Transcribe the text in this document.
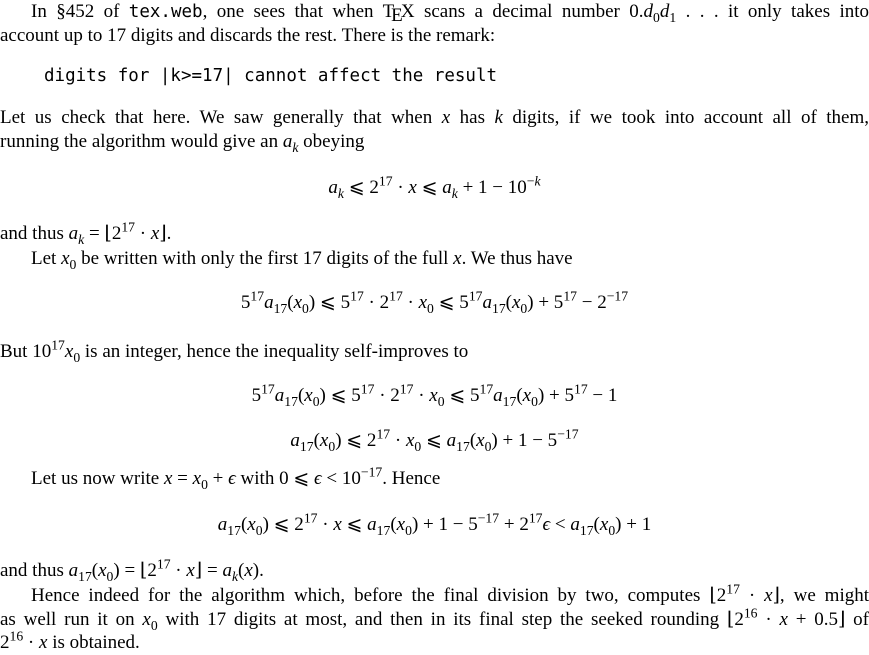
In §452 of tex.web, one sees that when TEX scans a decimal number $0.d_0d_1$ . . . it only takes into
account up to 17 digits and discards the rest. There is the remark:
digits for |k>=17| cannot affect the result
Let us check that here. We saw generally that when x has k digits, if we took into account all of them,
running the algorithm would give an $a_k$ obeying
$a_k$ ⩽ $2^{17} \cdot x$ ⩽ $a_k + 1 - 10^{-k}$
and thus $a_k$ = $⌊2^{17}$ · x⌋.
Let $x_0$ be written with only the first 17 digits of the full x. We thus have
$5^{17}a_{17}(x_0)$ ⩽ $5^{17} \cdot 2^{17} \cdot x_0$ ⩽ $5^{17}a_{17}(x_0) + 5^{17} - 2^{-17}$
But $10^{17}x_0$ is an integer, hence the inequality self-improves to
$5^{17}a_{17}(x_0)$ ⩽ $5^{17} \cdot 2^{17} \cdot x_0$ ⩽ $5^{17}a_{17}(x_0) + 5^{17} - 1$
$a_{17}(x_0)$ ⩽ $2^{17} \cdot x_0$ ⩽ $a_{17}(x_0) + 1 - 5^{-17}$
Let us now write $x = x_0 + \epsilon$ with 0 ⩽ $\epsilon < 10^{-17}$. Hence
$a_{17}(x_0)$ ⩽ $2^{17} \cdot x$ ⩽ $a_{17}(x_0) + 1 - 5^{-17} + 2^{17}\epsilon < a_{17}(x_0) + 1$
and thus $a_{17}(x_0)$ = $⌊2^{17}$ · x⌋ = $a_k(x)$.
Hence indeed for the algorithm which, before the final division by two, computes $⌊2^{17}$ · x⌋, we might
as well run it on $x_0$ with 17 digits at most, and then in its final step the seeked rounding $⌊2^{16} \cdot x$ + 0.5⌋ of
$2^{16} \cdot x$ is obtained.
